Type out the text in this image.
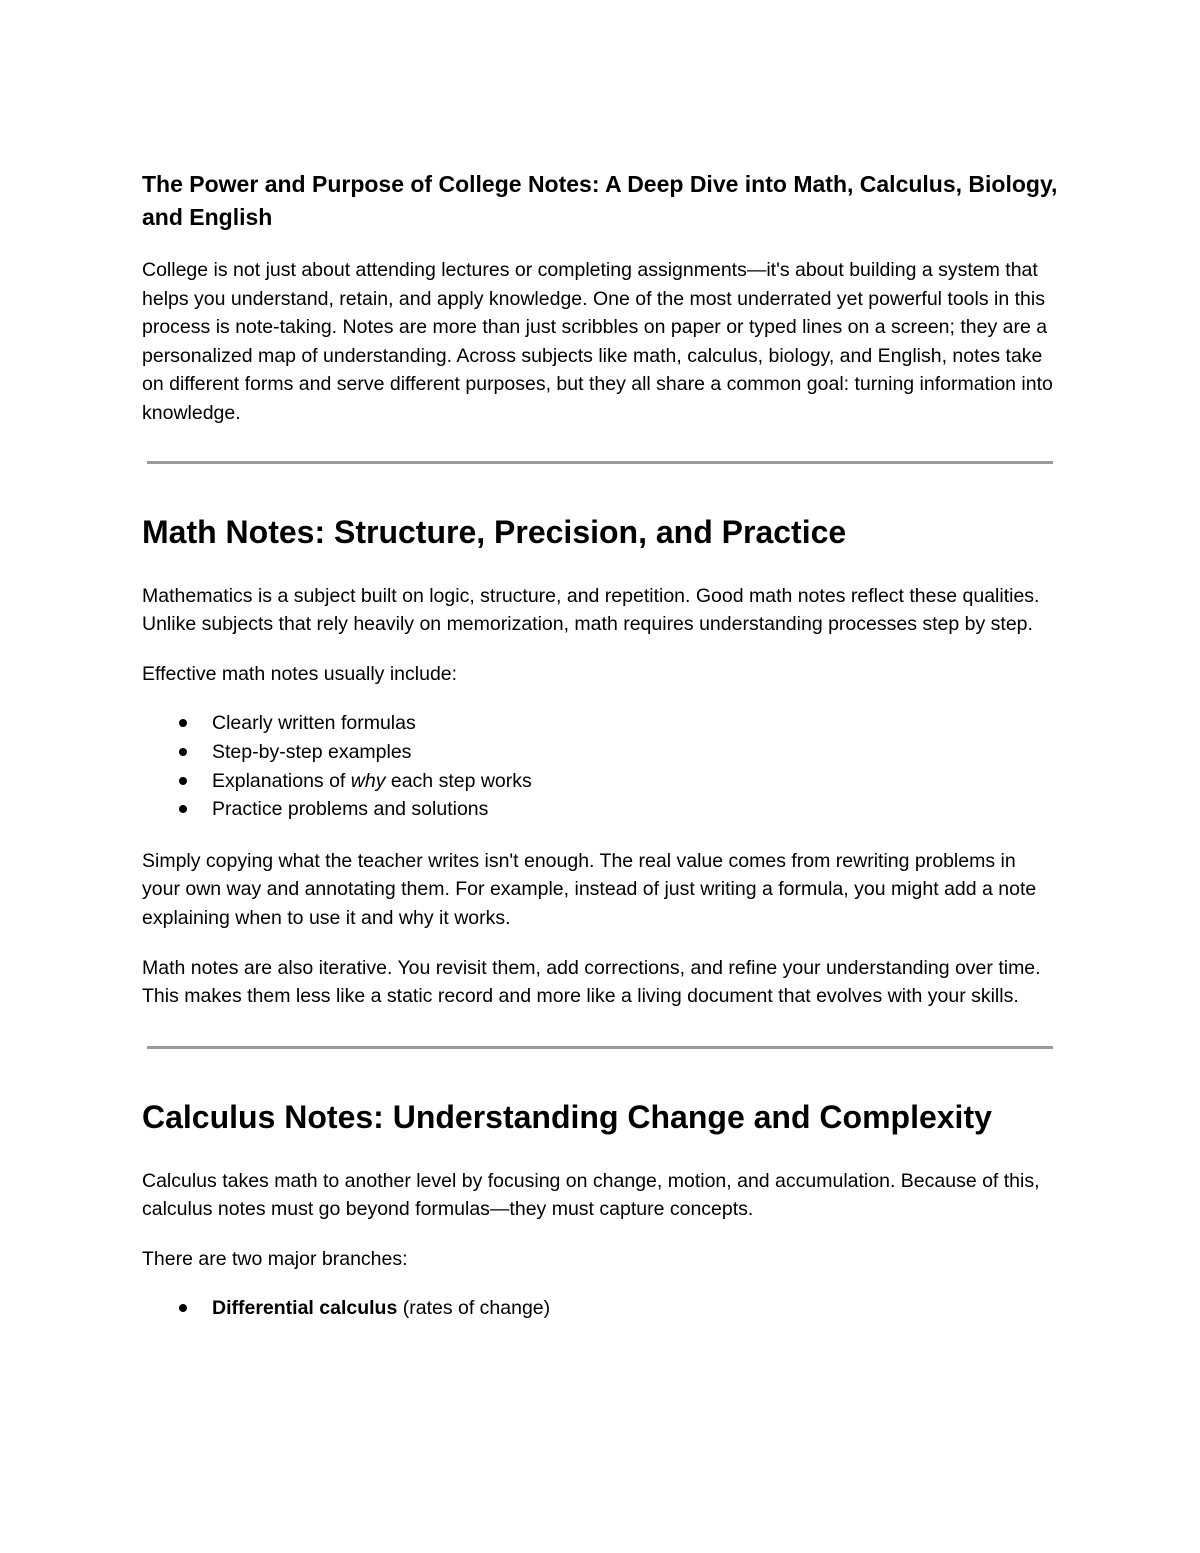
The Power and Purpose of College Notes: A Deep Dive into Math, Calculus, Biology, and English

College is not just about attending lectures or completing assignments—it's about building a system that helps you understand, retain, and apply knowledge. One of the most underrated yet powerful tools in this process is note-taking. Notes are more than just scribbles on paper or typed lines on a screen; they are a personalized map of understanding. Across subjects like math, calculus, biology, and English, notes take on different forms and serve different purposes, but they all share a common goal: turning information into knowledge.

Math Notes: Structure, Precision, and Practice

Mathematics is a subject built on logic, structure, and repetition. Good math notes reflect these qualities. Unlike subjects that rely heavily on memorization, math requires understanding processes step by step.

Effective math notes usually include:

Clearly written formulas
Step-by-step examples
Explanations of why each step works
Practice problems and solutions

Simply copying what the teacher writes isn't enough. The real value comes from rewriting problems in your own way and annotating them. For example, instead of just writing a formula, you might add a note explaining when to use it and why it works.

Math notes are also iterative. You revisit them, add corrections, and refine your understanding over time. This makes them less like a static record and more like a living document that evolves with your skills.

Calculus Notes: Understanding Change and Complexity

Calculus takes math to another level by focusing on change, motion, and accumulation. Because of this, calculus notes must go beyond formulas—they must capture concepts.

There are two major branches:

Differential calculus (rates of change)
